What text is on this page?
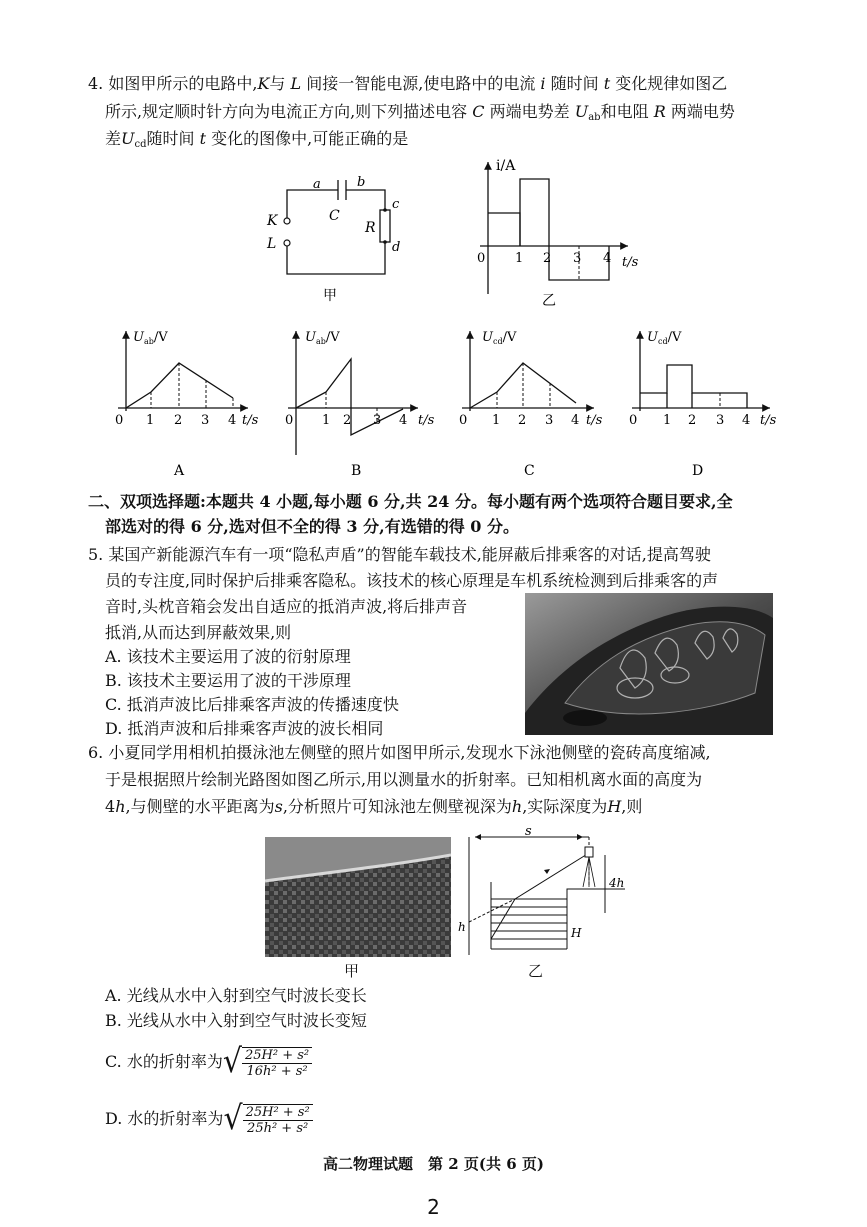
4. 如图甲所示的电路中,K与 L 间接一智能电源,使电路中的电流 i 随时间 t 变化规律如图乙
所示,规定顺时针方向为电流正方向,则下列描述电容 C 两端电势差 $U_{ab}$和电阻 R 两端电势
差$U_{cd}$随时间 t 变化的图像中,可能正确的是
a	b
c
d
K
L
C
R
甲
i/A
t/s
0 1 2 3 4
乙
$U_{ab}/V$
t/s
0 1 2 3 4
A
$U_{ab}/V$
t/s
0 1 2 3 4
B
$U_{cd}/V$
t/s
0 1 2 3 4
C
$U_{cd}/V$
t/s
0 1 2 3 4
D
二、双项选择题:本题共 4 小题,每小题 6 分,共 24 分。每小题有两个选项符合题目要求,全
部选对的得 6 分,选对但不全的得 3 分,有选错的得 0 分。
5. 某国产新能源汽车有一项“隐私声盾”的智能车载技术,能屏蔽后排乘客的对话,提高驾驶
员的专注度,同时保护后排乘客隐私。该技术的核心原理是车机系统检测到后排乘客的声
音时,头枕音箱会发出自适应的抵消声波,将后排声音
抵消,从而达到屏蔽效果,则
A. 该技术主要运用了波的衍射原理
B. 该技术主要运用了波的干涉原理
C. 抵消声波比后排乘客声波的传播速度快
D. 抵消声波和后排乘客声波的波长相同
6. 小夏同学用相机拍摄泳池左侧壁的照片如图甲所示,发现水下泳池侧壁的瓷砖高度缩减,
于是根据照片绘制光路图如图乙所示,用以测量水的折射率。已知相机离水面的高度为
4h,与侧壁的水平距离为s,分析照片可知泳池左侧壁视深为h,实际深度为H,则
甲
s
4h
h	H
乙
A. 光线从水中入射到空气时波长变长
B. 光线从水中入射到空气时波长变短
C. 水的折射率为 √ $\frac{\text{25H² + s²}}{\text{16h² + s²}}$
D. 水的折射率为 √ $\frac{\text{25H² + s²}}{\text{25h² + s²}}$
高二物理试题　第 2 页(共 6 页)
2
